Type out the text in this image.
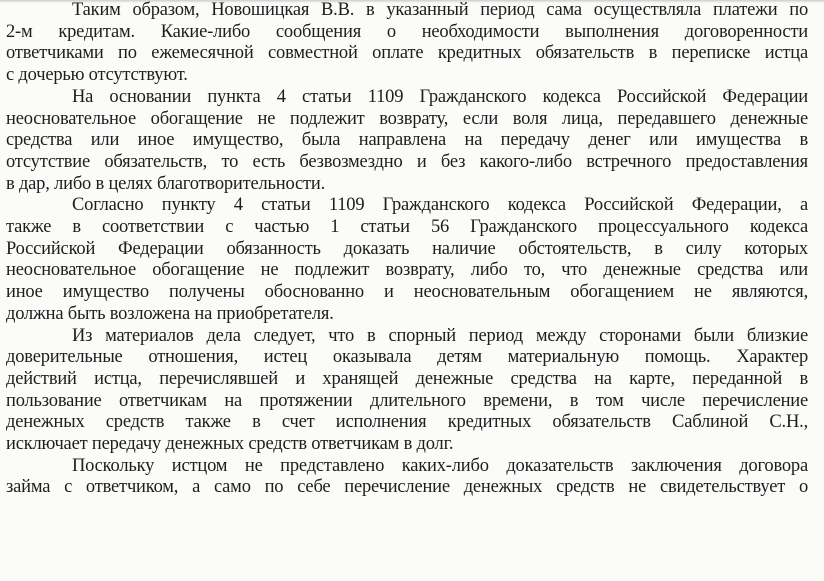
Таким образом, Новошицкая В.В. в указанный период сама осуществляла платежи по
2-м кредитам. Какие-либо сообщения о необходимости выполнения договоренности
ответчиками по ежемесячной совместной оплате кредитных обязательств в переписке истца
с дочерью отсутствуют.
На основании пункта 4 статьи 1109 Гражданского кодекса Российской Федерации
неосновательное обогащение не подлежит возврату, если воля лица, передавшего денежные
средства или иное имущество, была направлена на передачу денег или имущества в
отсутствие обязательств, то есть безвозмездно и без какого-либо встречного предоставления
в дар, либо в целях благотворительности.
Согласно пункту 4 статьи 1109 Гражданского кодекса Российской Федерации, а
также в соответствии с частью 1 статьи 56 Гражданского процессуального кодекса
Российской Федерации обязанность доказать наличие обстоятельств, в силу которых
неосновательное обогащение не подлежит возврату, либо то, что денежные средства или
иное имущество получены обоснованно и неосновательным обогащением не являются,
должна быть возложена на приобретателя.
Из материалов дела следует, что в спорный период между сторонами были близкие
доверительные отношения, истец оказывала детям материальную помощь. Характер
действий истца, перечислявшей и хранящей денежные средства на карте, переданной в
пользование ответчикам на протяжении длительного времени, в том числе перечисление
денежных средств также в счет исполнения кредитных обязательств Саблиной С.Н.,
исключает передачу денежных средств ответчикам в долг.
Поскольку истцом не представлено каких-либо доказательств заключения договора
займа с ответчиком, а само по себе перечисление денежных средств не свидетельствует о
